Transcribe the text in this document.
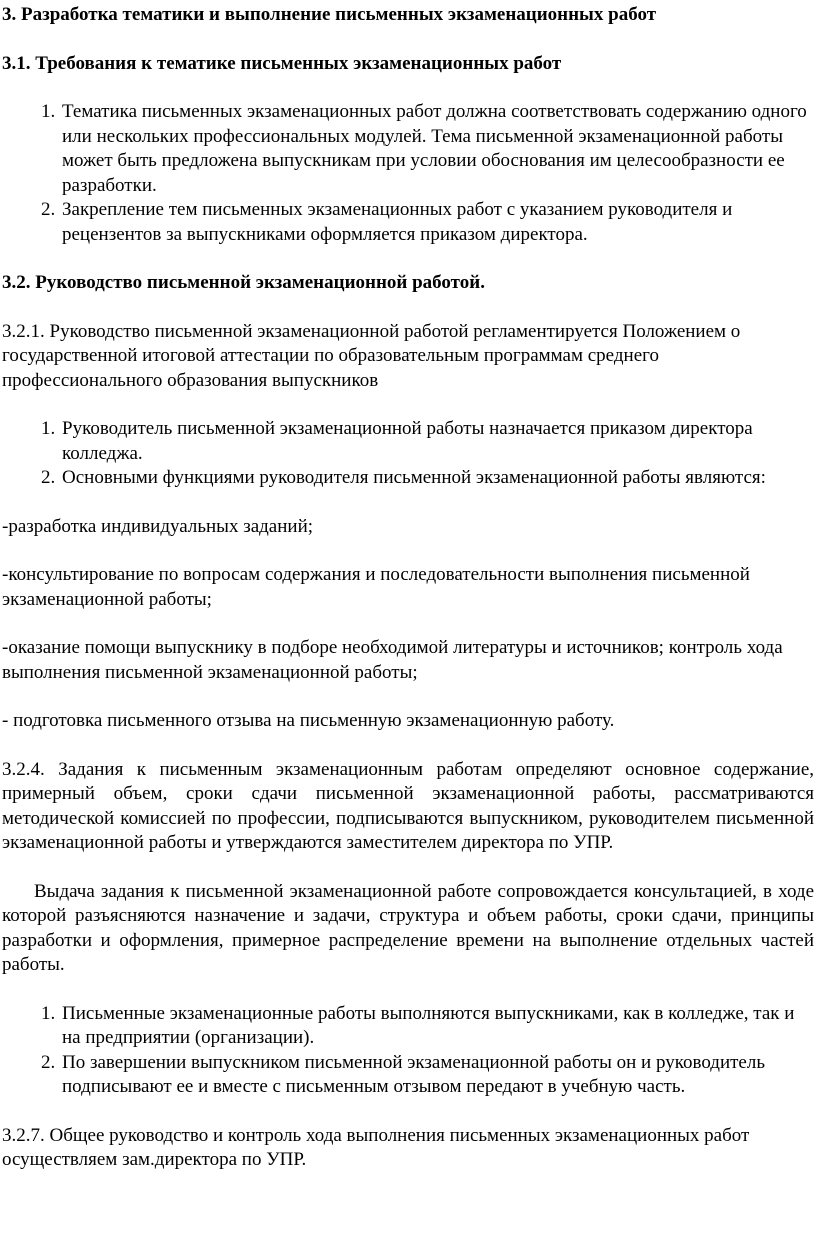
3. Разработка тематики и выполнение письменных экзаменационных работ

3.1. Требования к тематике письменных экзаменационных работ

1. Тематика письменных экзаменационных работ должна соответствовать содержанию одного или нескольких профессиональных модулей. Тема письменной экзаменационной работы может быть предложена выпускникам при условии обоснования им целесообразности ее разработки.
2. Закрепление тем письменных экзаменационных работ с указанием руководителя и рецензентов за выпускниками оформляется приказом директора.

3.2. Руководство письменной экзаменационной работой.

3.2.1. Руководство письменной экзаменационной работой регламентируется Положением о государственной итоговой аттестации по образовательным программам среднего профессионального образования выпускников

1. Руководитель письменной экзаменационной работы назначается приказом директора колледжа.
2. Основными функциями руководителя письменной экзаменационной работы являются:

-разработка индивидуальных заданий;

-консультирование по вопросам содержания и последовательности выполнения письменной экзаменационной работы;

-оказание помощи выпускнику в подборе необходимой литературы и источников; контроль хода выполнения письменной экзаменационной работы;

- подготовка письменного отзыва на письменную экзаменационную работу.

3.2.4. Задания к письменным экзаменационным работам определяют основное содержание, примерный объем, сроки сдачи письменной экзаменационной работы, рассматриваются методической комиссией по профессии, подписываются выпускником, руководителем письменной экзаменационной работы и утверждаются заместителем директора по УПР.

Выдача задания к письменной экзаменационной работе сопровождается консультацией, в ходе которой разъясняются назначение и задачи, структура и объем работы, сроки сдачи, принципы разработки и оформления, примерное распределение времени на выполнение отдельных частей работы.

1. Письменные экзаменационные работы выполняются выпускниками, как в колледже, так и на предприятии (организации).
2. По завершении выпускником письменной экзаменационной работы он и руководитель подписывают ее и вместе с письменным отзывом передают в учебную часть.

3.2.7. Общее руководство и контроль хода выполнения письменных экзаменационных работ осуществляем зам.директора по УПР.
